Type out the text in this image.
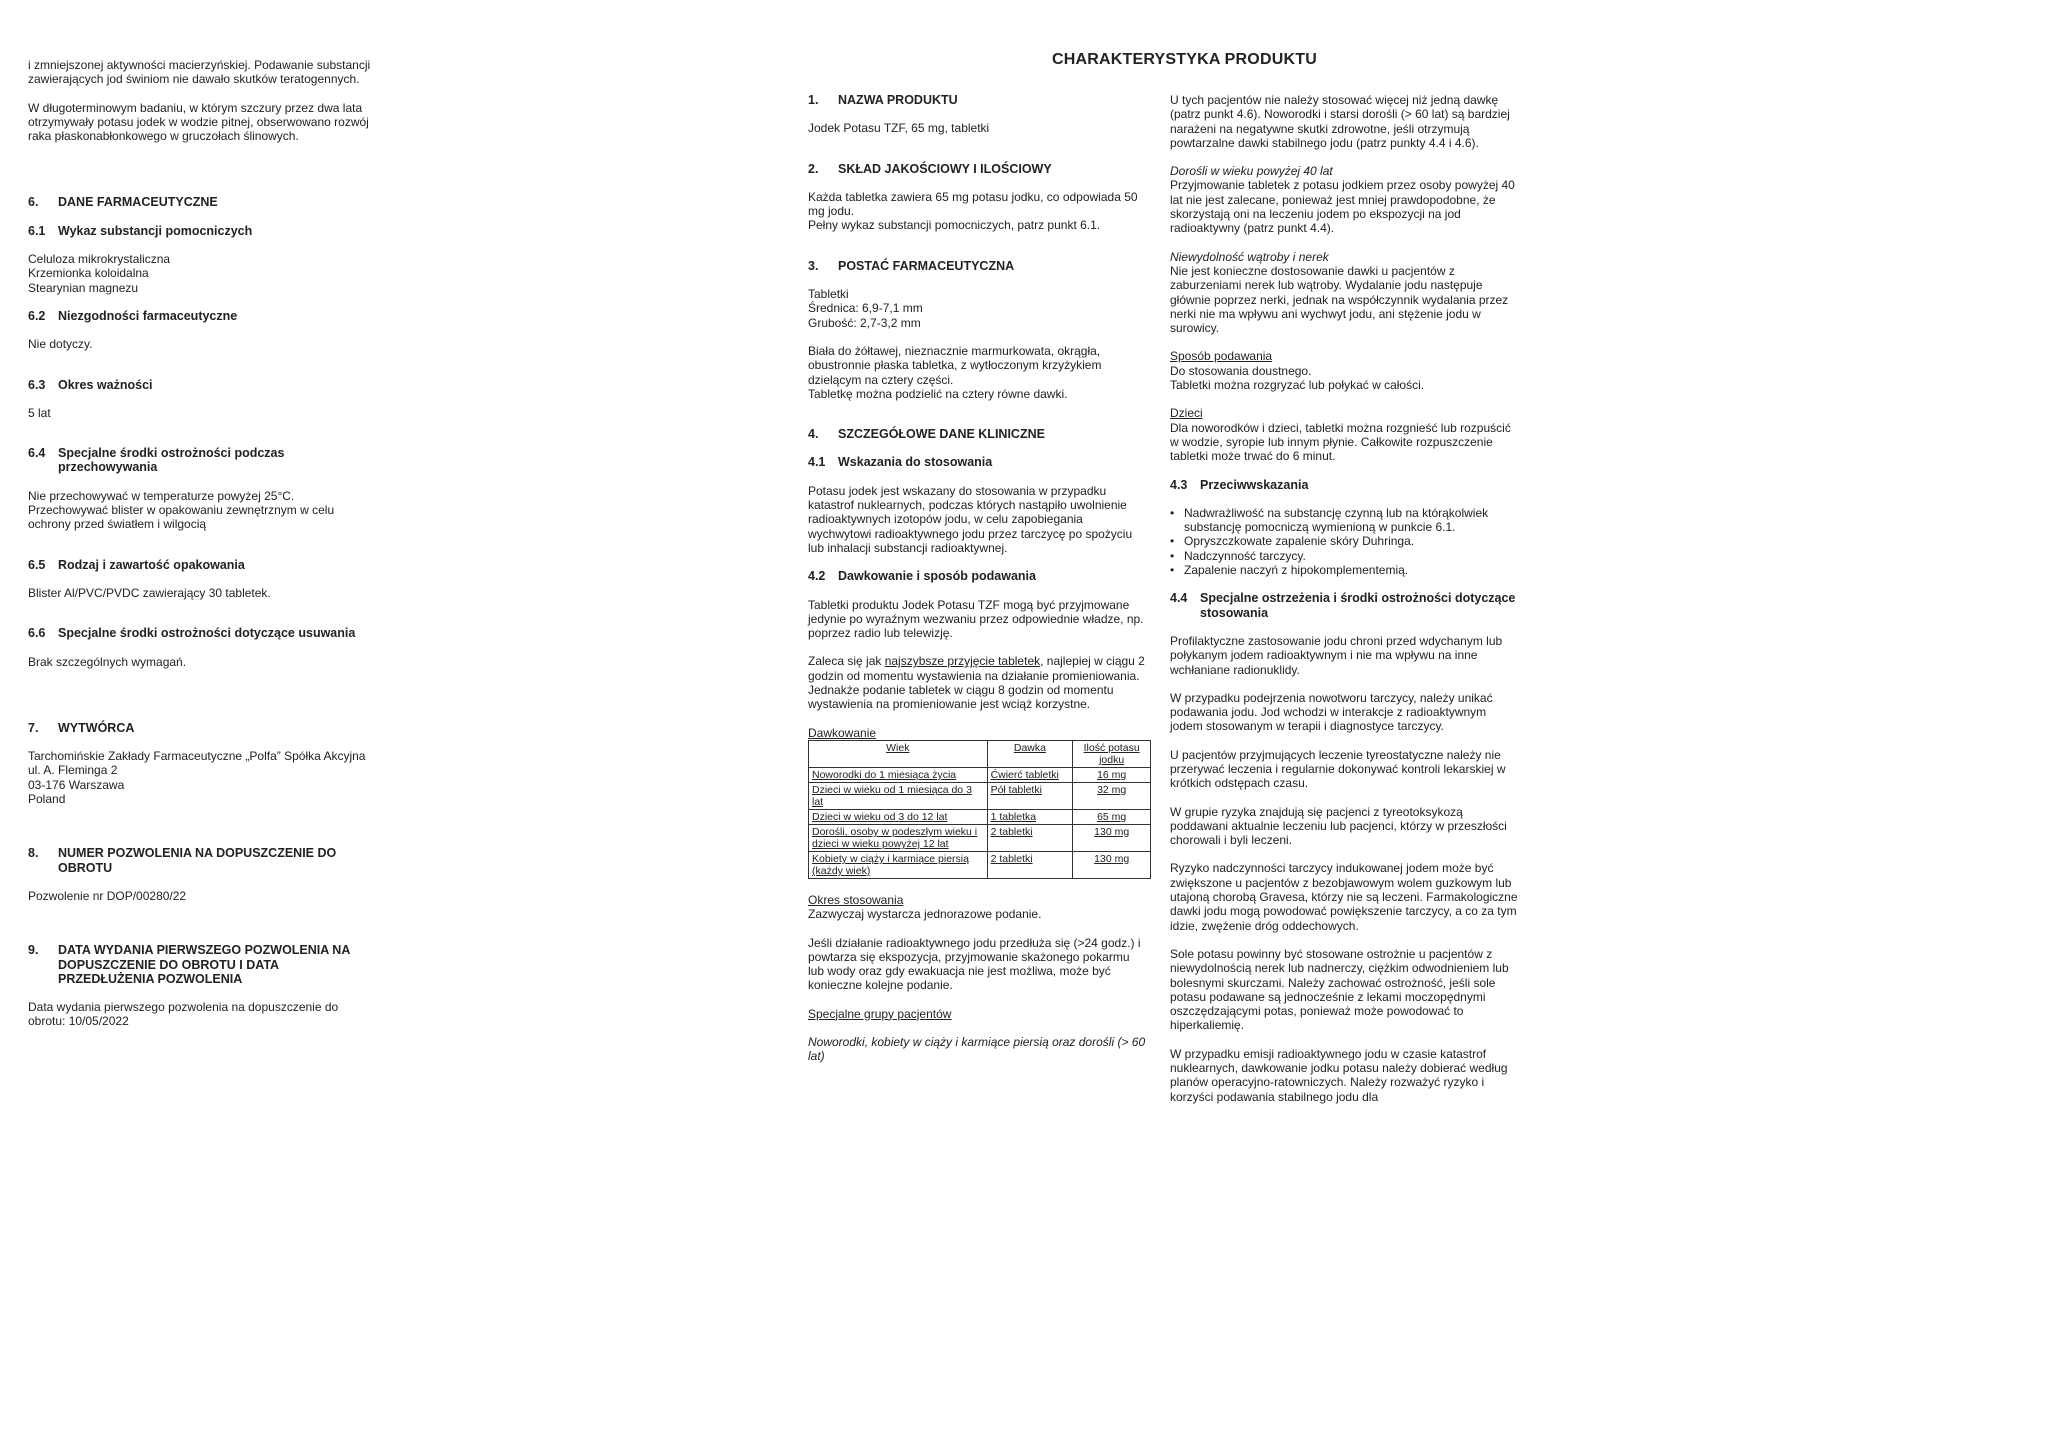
i zmniejszonej aktywności macierzyńskiej. Podawanie substancji zawierających jod świniom nie dawało skutków teratogennych.

W długoterminowym badaniu, w którym szczury przez dwa lata otrzymywały potasu jodek w wodzie pitnej, obserwowano rozwój raka płaskonabłonkowego w gruczołach ślinowych.

6.	DANE FARMACEUTYCZNE
6.1	Wykaz substancji pomocniczych

Celuloza mikrokrystaliczna

Krzemionka koloidalna

Stearynian magnezu

6.2	Niezgodności farmaceutyczne

Nie dotyczy.

6.3	Okres ważności

5 lat

6.4	Specjalne środki ostrożności podczas przechowywania

Nie przechowywać w temperaturze powyżej 25°C. Przechowywać blister w opakowaniu zewnętrznym w celu ochrony przed światłem i wilgocią

6.5	Rodzaj i zawartość opakowania

Blister Al/PVC/PVDC zawierający 30 tabletek.

6.6	Specjalne środki ostrożności dotyczące usuwania

Brak szczególnych wymagań.

7.	WYTWÓRCA

Tarchomińskie Zakłady Farmaceutyczne „Polfa” Spółka Akcyjna

ul. A. Fleminga 2

03-176 Warszawa

Poland

8.	NUMER POZWOLENIA NA DOPUSZCZENIE DO OBROTU

Pozwolenie nr DOP/00280/22

9.	DATA WYDANIA PIERWSZEGO POZWOLENIA NA DOPUSZCZENIE DO OBROTU I DATA PRZEDŁUŻENIA POZWOLENIA

Data wydania pierwszego pozwolenia na dopuszczenie do obrotu: 10/05/2022

CHARAKTERYSTYKA PRODUKTU
1.	NAZWA PRODUKTU

Jodek Potasu TZF, 65 mg, tabletki

2.	SKŁAD JAKOŚCIOWY I ILOŚCIOWY

Każda tabletka zawiera 65 mg potasu jodku, co odpowiada 50 mg jodu.

Pełny wykaz substancji pomocniczych, patrz punkt 6.1.

3.	POSTAĆ FARMACEUTYCZNA

Tabletki

Średnica: 6,9-7,1 mm

Grubość: 2,7-3,2 mm

Biała do żółtawej, nieznacznie marmurkowata, okrągła, obustronnie płaska tabletka, z wytłoczonym krzyżykiem dzielącym na cztery części.

Tabletkę można podzielić na cztery równe dawki.

4.	SZCZEGÓŁOWE DANE KLINICZNE
4.1	Wskazania do stosowania

Potasu jodek jest wskazany do stosowania w przypadku katastrof nuklearnych, podczas których nastąpiło uwolnienie radioaktywnych izotopów jodu, w celu zapobiegania wychwytowi radioaktywnego jodu przez tarczycę po spożyciu lub inhalacji substancji radioaktywnej.

4.2	Dawkowanie i sposób podawania

Tabletki produktu Jodek Potasu TZF mogą być przyjmowane jedynie po wyraźnym wezwaniu przez odpowiednie władze, np. poprzez radio lub telewizję.

Zaleca się jak najszybsze przyjęcie tabletek, najlepiej w ciągu 2 godzin od momentu wystawienia na działanie promieniowania. Jednakże podanie tabletek w ciągu 8 godzin od momentu wystawienia na promieniowanie jest wciąż korzystne.

Dawkowanie

Wiek	Dawka	Ilość potasu jodku
Noworodki do 1 miesiąca życia	Ćwierć tabletki	16 mg
Dzieci w wieku od 1 miesiąca do 3 lat	Pół tabletki	32 mg
Dzieci w wieku od 3 do 12 lat	1 tabletka	65 mg
Dorośli, osoby w podeszłym wieku i dzieci w wieku powyżej 12 lat	2 tabletki	130 mg
Kobiety w ciąży i karmiące piersią (każdy wiek)	2 tabletki	130 mg

Okres stosowania

Zazwyczaj wystarcza jednorazowe podanie.

Jeśli działanie radioaktywnego jodu przedłuża się (>24 godz.) i powtarza się ekspozycja, przyjmowanie skażonego pokarmu lub wody oraz gdy ewakuacja nie jest możliwa, może być konieczne kolejne podanie.

Specjalne grupy pacjentów

Noworodki, kobiety w ciąży i karmiące piersią oraz dorośli (> 60 lat)

U tych pacjentów nie należy stosować więcej niż jedną dawkę (patrz punkt 4.6). Noworodki i starsi dorośli (> 60 lat) są bardziej narażeni na negatywne skutki zdrowotne, jeśli otrzymują powtarzalne dawki stabilnego jodu (patrz punkty 4.4 i 4.6).

Dorośli w wieku powyżej 40 lat

Przyjmowanie tabletek z potasu jodkiem przez osoby powyżej 40 lat nie jest zalecane, ponieważ jest mniej prawdopodobne, że skorzystają oni na leczeniu jodem po ekspozycji na jod radioaktywny (patrz punkt 4.4).

Niewydolność wątroby i nerek

Nie jest konieczne dostosowanie dawki u pacjentów z zaburzeniami nerek lub wątroby. Wydalanie jodu następuje głównie poprzez nerki, jednak na współczynnik wydalania przez nerki nie ma wpływu ani wychwyt jodu, ani stężenie jodu w surowicy.

Sposób podawania

Do stosowania doustnego.

Tabletki można rozgryzać lub połykać w całości.

Dzieci

Dla noworodków i dzieci, tabletki można rozgnieść lub rozpuścić w wodzie, syropie lub innym płynie. Całkowite rozpuszczenie tabletki może trwać do 6 minut.

4.3	Przeciwwskazania
• Nadwrażliwość na substancję czynną lub na którąkolwiek substancję pomocniczą wymienioną w punkcie 6.1.
• Opryszczkowate zapalenie skóry Duhringa.
• Nadczynność tarczycy.
• Zapalenie naczyń z hipokomplementemią.
4.4	Specjalne ostrzeżenia i środki ostrożności dotyczące stosowania

Profilaktyczne zastosowanie jodu chroni przed wdychanym lub połykanym jodem radioaktywnym i nie ma wpływu na inne wchłaniane radionuklidy.

W przypadku podejrzenia nowotworu tarczycy, należy unikać podawania jodu. Jod wchodzi w interakcje z radioaktywnym jodem stosowanym w terapii i diagnostyce tarczycy.

U pacjentów przyjmujących leczenie tyreostatyczne należy nie przerywać leczenia i regularnie dokonywać kontroli lekarskiej w krótkich odstępach czasu.

W grupie ryzyka znajdują się pacjenci z tyreotoksykozą poddawani aktualnie leczeniu lub pacjenci, którzy w przeszłości chorowali i byli leczeni.

Ryzyko nadczynności tarczycy indukowanej jodem może być zwiększone u pacjentów z bezobjawowym wolem guzkowym lub utajoną chorobą Gravesa, którzy nie są leczeni. Farmakologiczne dawki jodu mogą powodować powiększenie tarczycy, a co za tym idzie, zwężenie dróg oddechowych.

Sole potasu powinny być stosowane ostrożnie u pacjentów z niewydolnością nerek lub nadnerczy, ciężkim odwodnieniem lub bolesnymi skurczami. Należy zachować ostrożność, jeśli sole potasu podawane są jednocześnie z lekami moczopędnymi oszczędzającymi potas, ponieważ może powodować to hiperkaliemię.

W przypadku emisji radioaktywnego jodu w czasie katastrof nuklearnych, dawkowanie jodku potasu należy dobierać według planów operacyjno-ratowniczych. Należy rozważyć ryzyko i korzyści podawania stabilnego jodu dla
